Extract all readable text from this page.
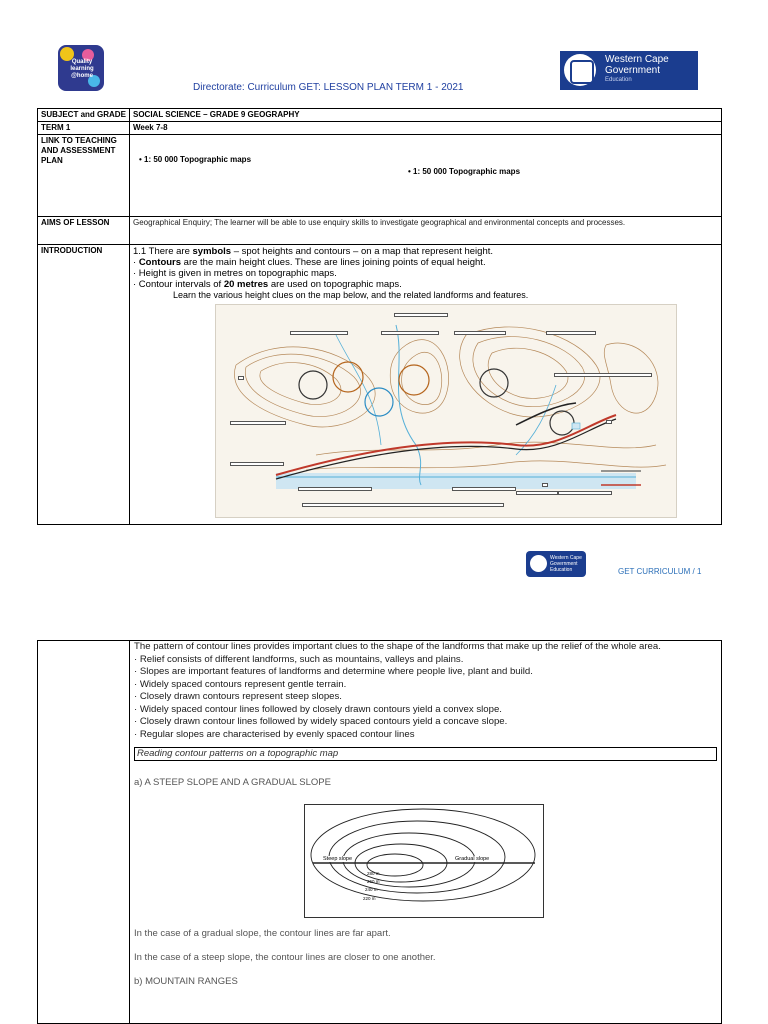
Quality learning @home
Directorate: Curriculum GET: LESSON PLAN TERM 1 - 2021
Western Cape Government
Education
SUBJECT and GRADE	SOCIAL SCIENCE – GRADE 9 GEOGRAPHY
TERM 1	Week 7-8
LINK TO TEACHING AND ASSESSMENT PLAN	• 1: 50 000 Topographic maps
• 1: 50 000 Topographic maps

AIMS OF LESSON	Geographical Enquiry; The learner will be able to use enquiry skills to investigate geographical and environmental concepts and processes.
INTRODUCTION	1.1 There are symbols – spot heights and contours – on a map that represent height.
· Contours are the main height clues. These are lines joining points of equal height.
· Height is given in metres on topographic maps.
· Contour intervals of 20 metres are used on topographic maps.
Learn the various height clues on the map below, and the related landforms and features.
Western Cape Government Education	GET CURRICULUM / 1

The pattern of contour lines provides important clues to the shape of the landforms that make up the relief of the whole area.
· Relief consists of different landforms, such as mountains, valleys and plains.
· Slopes are important features of landforms and determine where people live, plant and build.
· Widely spaced contours represent gentle terrain.
· Closely drawn contours represent steep slopes.
· Widely spaced contour lines followed by closely drawn contours yield a convex slope.
· Closely drawn contour lines followed by widely spaced contours yield a concave slope.
· Regular slopes are characterised by evenly spaced contour lines
Reading contour patterns on a topographic map
a) A STEEP SLOPE AND A GRADUAL SLOPE
Steep slope	Gradual slope
280 m
260 m
240 m
220 m
In the case of a gradual slope, the contour lines are far apart.
In the case of a steep slope, the contour lines are closer to one another.
b) MOUNTAIN RANGES
